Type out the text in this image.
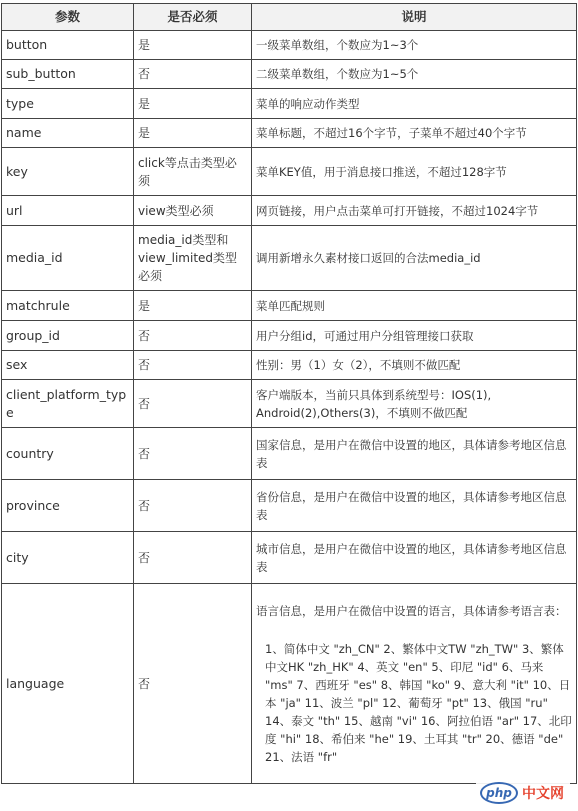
参数	是否必须	说明
button	是	一级菜单数组，个数应为1~3个
sub_button	否	二级菜单数组，个数应为1~5个
type	是	菜单的响应动作类型
name	是	菜单标题，不超过16个字节，子菜单不超过40个字节
key	click等点击类型必须	菜单KEY值，用于消息接口推送，不超过128字节
url	view类型必须	网页链接，用户点击菜单可打开链接，不超过1024字节
media_id	media_id类型和view_limited类型必须	调用新增永久素材接口返回的合法media_id
matchrule	是	菜单匹配规则
group_id	否	用户分组id，可通过用户分组管理接口获取
sex	否	性别：男（1）女（2），不填则不做匹配
client_platform_type	否	客户端版本，当前只具体到系统型号：IOS(1), Android(2),Others(3)，不填则不做匹配
country	否	国家信息，是用户在微信中设置的地区，具体请参考地区信息表
province	否	省份信息，是用户在微信中设置的地区，具体请参考地区信息表
city	否	城市信息，是用户在微信中设置的地区，具体请参考地区信息表
language	否	语言信息，是用户在微信中设置的语言，具体请参考语言表：

1、简体中文 "zh_CN" 2、繁体中文TW "zh_TW" 3、繁体中文HK "zh_HK" 4、英文 "en" 5、印尼 "id" 6、马来 "ms" 7、西班牙 "es" 8、韩国 "ko" 9、意大利 "it" 10、日本 "ja" 11、波兰 "pl" 12、葡萄牙 "pt" 13、俄国 "ru" 14、泰文 "th" 15、越南 "vi" 16、阿拉伯语 "ar" 17、北印度 "hi" 18、希伯来 "he" 19、土耳其 "tr" 20、德语 "de" 21、法语 "fr"

php 中文网
